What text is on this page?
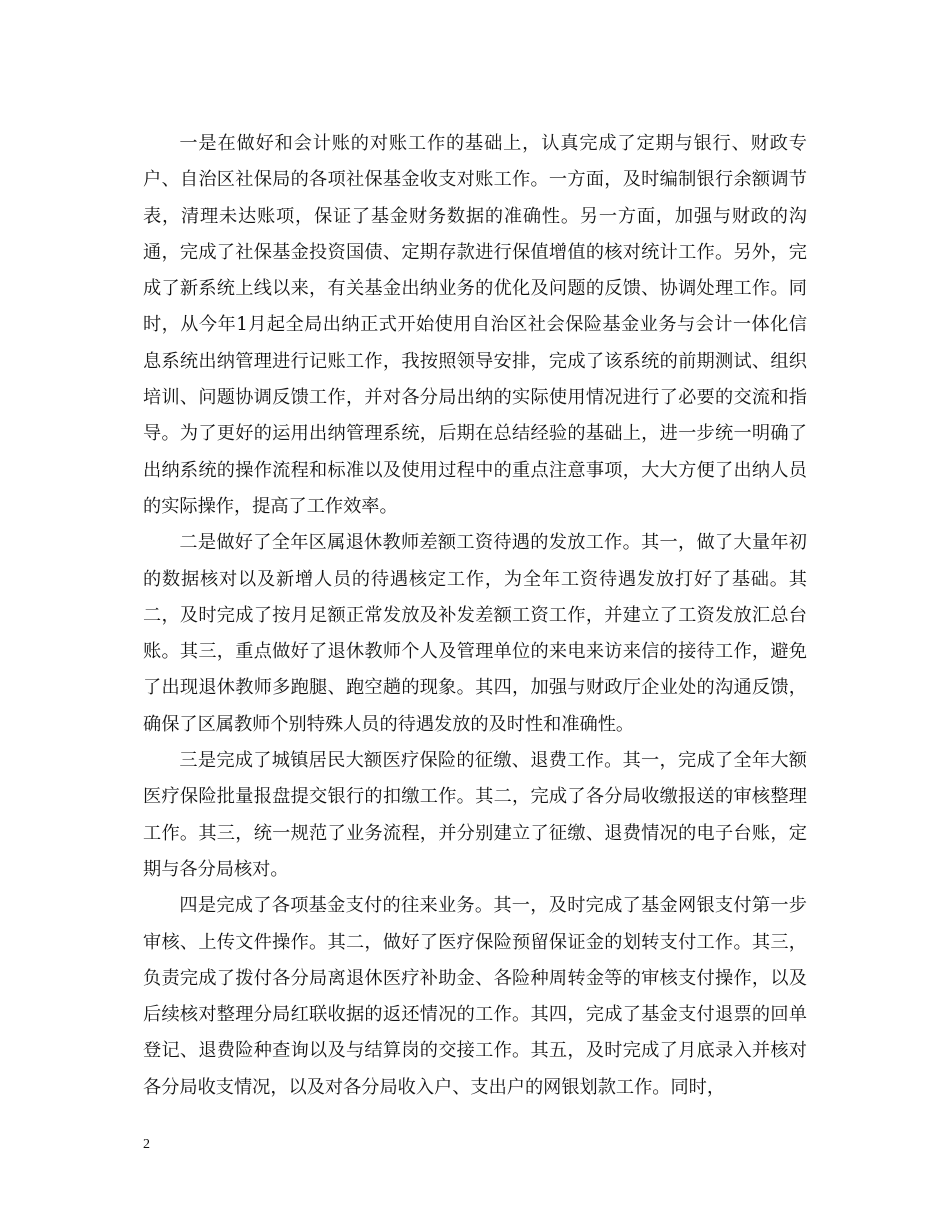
一是在做好和会计账的对账工作的基础上，认真完成了定期与银行、财政专户、自治区社保局的各项社保基金收支对账工作。一方面，及时编制银行余额调节表，清理未达账项，保证了基金财务数据的准确性。另一方面，加强与财政的沟通，完成了社保基金投资国债、定期存款进行保值增值的核对统计工作。另外，完成了新系统上线以来，有关基金出纳业务的优化及问题的反馈、协调处理工作。同时，从今年1月起全局出纳正式开始使用自治区社会保险基金业务与会计一体化信息系统出纳管理进行记账工作，我按照领导安排，完成了该系统的前期测试、组织培训、问题协调反馈工作，并对各分局出纳的实际使用情况进行了必要的交流和指导。为了更好的运用出纳管理系统，后期在总结经验的基础上，进一步统一明确了出纳系统的操作流程和标准以及使用过程中的重点注意事项，大大方便了出纳人员的实际操作，提高了工作效率。

二是做好了全年区属退休教师差额工资待遇的发放工作。其一，做了大量年初的数据核对以及新增人员的待遇核定工作，为全年工资待遇发放打好了基础。其二，及时完成了按月足额正常发放及补发差额工资工作，并建立了工资发放汇总台账。其三，重点做好了退休教师个人及管理单位的来电来访来信的接待工作，避免了出现退休教师多跑腿、跑空趟的现象。其四，加强与财政厅企业处的沟通反馈，确保了区属教师个别特殊人员的待遇发放的及时性和准确性。

三是完成了城镇居民大额医疗保险的征缴、退费工作。其一，完成了全年大额医疗保险批量报盘提交银行的扣缴工作。其二，完成了各分局收缴报送的审核整理工作。其三，统一规范了业务流程，并分别建立了征缴、退费情况的电子台账，定期与各分局核对。

四是完成了各项基金支付的往来业务。其一，及时完成了基金网银支付第一步审核、上传文件操作。其二，做好了医疗保险预留保证金的划转支付工作。其三，负责完成了拨付各分局离退休医疗补助金、各险种周转金等的审核支付操作，以及后续核对整理分局红联收据的返还情况的工作。其四，完成了基金支付退票的回单登记、退费险种查询以及与结算岗的交接工作。其五，及时完成了月底录入并核对各分局收支情况，以及对各分局收入户、支出户的网银划款工作。同时，

2
